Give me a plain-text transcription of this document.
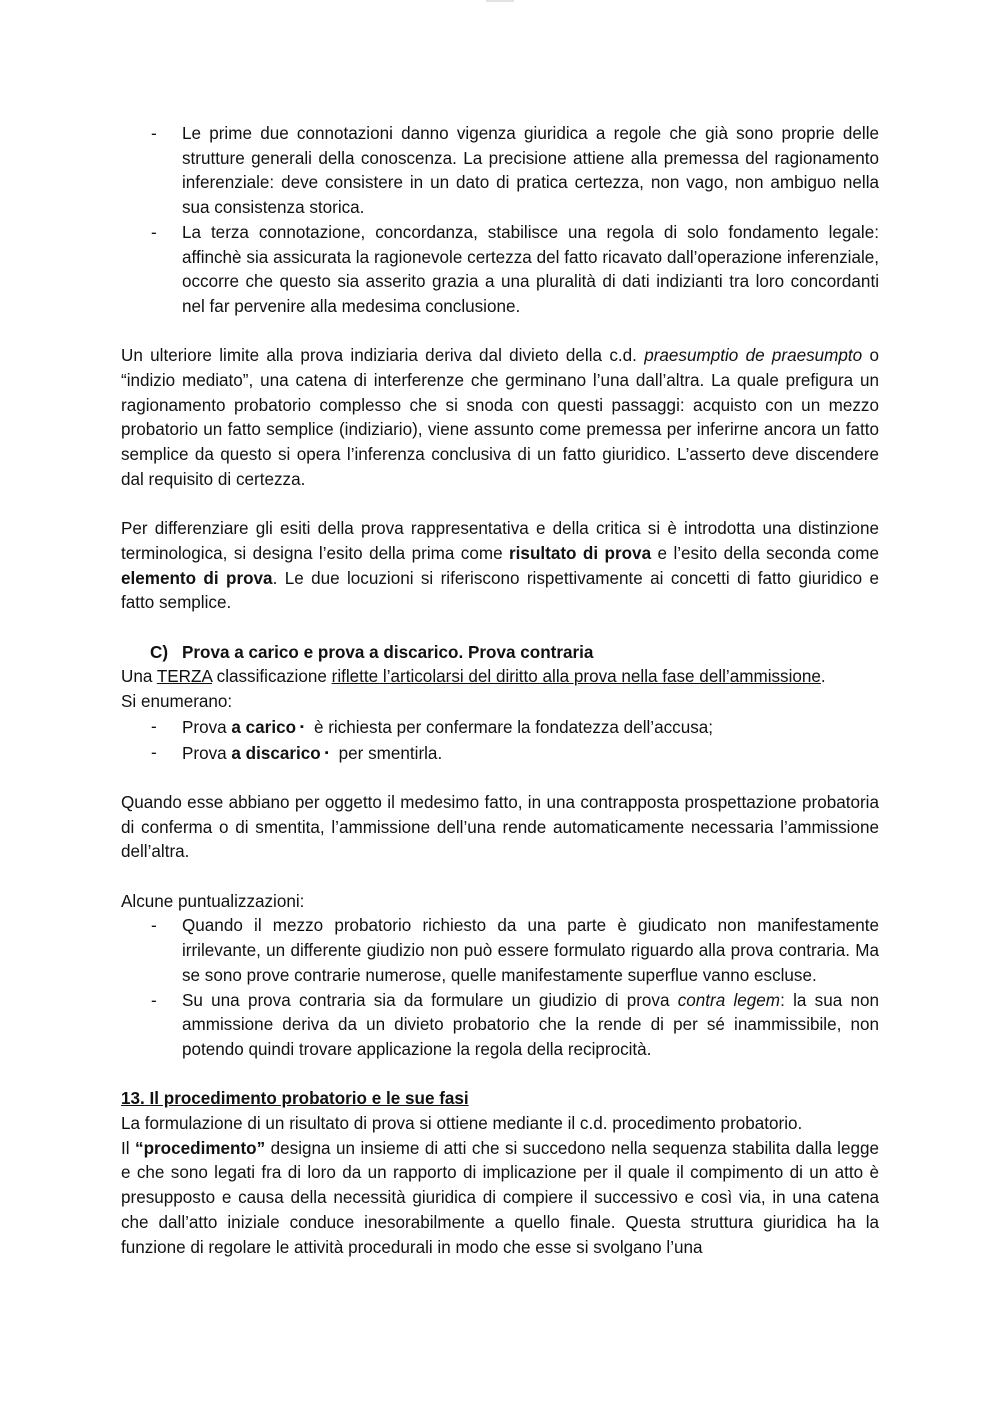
- Le prime due connotazioni danno vigenza giuridica a regole che già sono proprie delle strutture generali della conoscenza. La precisione attiene alla premessa del ragionamento inferenziale: deve consistere in un dato di pratica certezza, non vago, non ambiguo nella sua consistenza storica.
- La terza connotazione, concordanza, stabilisce una regola di solo fondamento legale: affinchè sia assicurata la ragionevole certezza del fatto ricavato dall’operazione inferenziale, occorre che questo sia asserito grazia a una pluralità di dati indizianti tra loro concordanti nel far pervenire alla medesima conclusione.

Un ulteriore limite alla prova indiziaria deriva dal divieto della c.d. praesumptio de praesumpto o “indizio mediato”, una catena di interferenze che germinano l’una dall’altra. La quale prefigura un ragionamento probatorio complesso che si snoda con questi passaggi: acquisto con un mezzo probatorio un fatto semplice (indiziario), viene assunto come premessa per inferirne ancora un fatto semplice da questo si opera l’inferenza conclusiva di un fatto giuridico. L’asserto deve discendere dal requisito di certezza.

Per differenziare gli esiti della prova rappresentativa e della critica si è introdotta una distinzione terminologica, si designa l’esito della prima come risultato di prova e l’esito della seconda come elemento di prova. Le due locuzioni si riferiscono rispettivamente ai concetti di fatto giuridico e fatto semplice.

C) Prova a carico e prova a discarico. Prova contraria

Una TERZA classificazione riflette l’articolarsi del diritto alla prova nella fase dell’ammissione.

Si enumerano:

- Prova a carico ▪ è richiesta per confermare la fondatezza dell’accusa;
- Prova a discarico ▪ per smentirla.

Quando esse abbiano per oggetto il medesimo fatto, in una contrapposta prospettazione probatoria di conferma o di smentita, l’ammissione dell’una rende automaticamente necessaria l’ammissione dell’altra.

Alcune puntualizzazioni:

- Quando il mezzo probatorio richiesto da una parte è giudicato non manifestamente irrilevante, un differente giudizio non può essere formulato riguardo alla prova contraria. Ma se sono prove contrarie numerose, quelle manifestamente superflue vanno escluse.
- Su una prova contraria sia da formulare un giudizio di prova contra legem: la sua non ammissione deriva da un divieto probatorio che la rende di per sé inammissibile, non potendo quindi trovare applicazione la regola della reciprocità.

13. Il procedimento probatorio e le sue fasi

La formulazione di un risultato di prova si ottiene mediante il c.d. procedimento probatorio.

Il “procedimento” designa un insieme di atti che si succedono nella sequenza stabilita dalla legge e che sono legati fra di loro da un rapporto di implicazione per il quale il compimento di un atto è presupposto e causa della necessità giuridica di compiere il successivo e così via, in una catena che dall’atto iniziale conduce inesorabilmente a quello finale. Questa struttura giuridica ha la funzione di regolare le attività procedurali in modo che esse si svolgano l’una
